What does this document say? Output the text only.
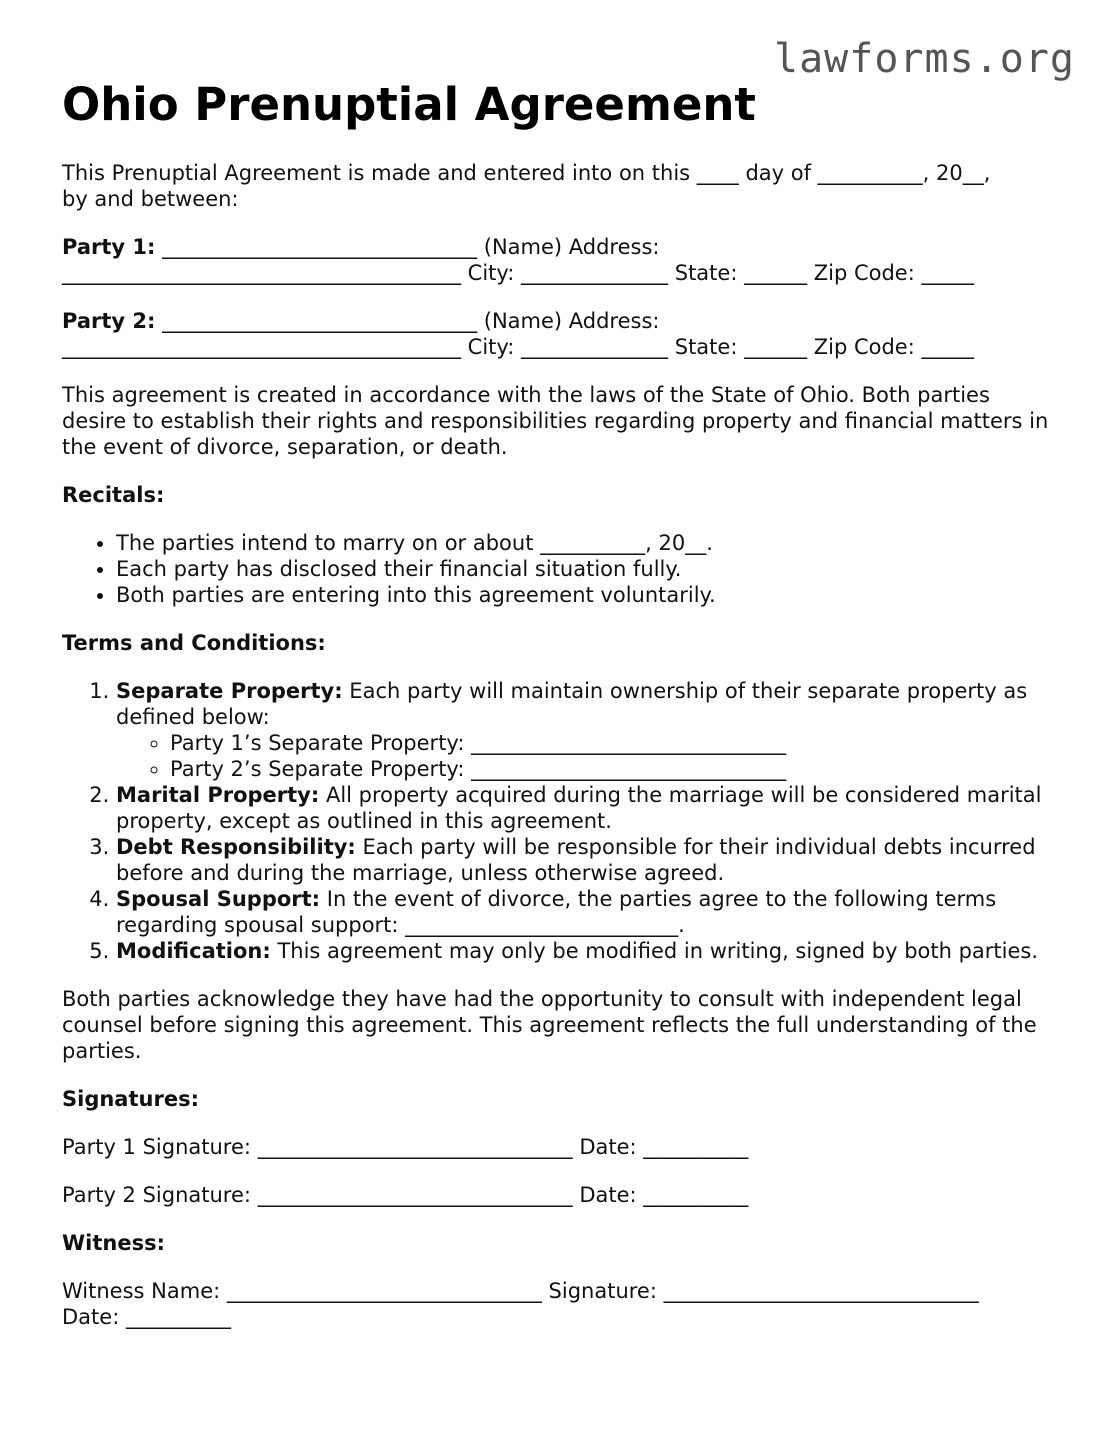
lawforms.org
Ohio Prenuptial Agreement

This Prenuptial Agreement is made and entered into on this ____ day of __________, 20__,
by and between:

Party 1: ______________________________ (Name) Address:
______________________________________ City: ______________ State: ______ Zip Code: _____

Party 2: ______________________________ (Name) Address:
______________________________________ City: ______________ State: ______ Zip Code: _____

This agreement is created in accordance with the laws of the State of Ohio. Both parties desire to establish their rights and responsibilities regarding property and financial matters in the event of divorce, separation, or death.

Recitals:

• The parties intend to marry on or about __________, 20__.
• Each party has disclosed their financial situation fully.
• Both parties are entering into this agreement voluntarily.

Terms and Conditions:

1. Separate Property: Each party will maintain ownership of their separate property as defined below:
◦ Party 1’s Separate Property: ______________________________
◦ Party 2’s Separate Property: ______________________________
2. Marital Property: All property acquired during the marriage will be considered marital property, except as outlined in this agreement.
3. Debt Responsibility: Each party will be responsible for their individual debts incurred before and during the marriage, unless otherwise agreed.
4. Spousal Support: In the event of divorce, the parties agree to the following terms regarding spousal support: __________________________.
5. Modification: This agreement may only be modified in writing, signed by both parties.

Both parties acknowledge they have had the opportunity to consult with independent legal counsel before signing this agreement. This agreement reflects the full understanding of the parties.

Signatures:

Party 1 Signature: ______________________________ Date: __________

Party 2 Signature: ______________________________ Date: __________

Witness:

Witness Name: ______________________________ Signature: ______________________________
Date: __________
